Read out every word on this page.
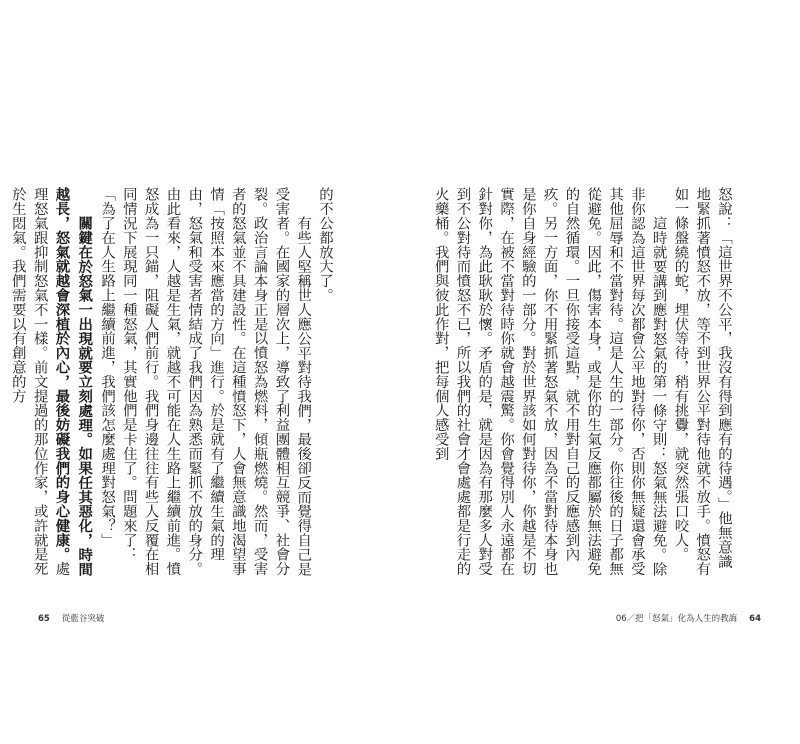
的不公都放大了。

有些人堅稱世人應公平對待我們，最後卻反而覺得自己是受害者。在國家的層次上，導致了利益團體相互競爭、社會分裂。政治言論本身正是以憤怒為燃料，傾瓶燃燒。然而，受害者的怒氣並不具建設性。在這種憤怒下，人會無意識地渴望事情「按照本來應當的方向」進行。於是就有了繼續生氣的理由，怒氣和受害者情結成了我們因為熟悉而緊抓不放的身分。由此看來，人越是生氣，就越不可能在人生路上繼續前進。憤怒成為一只錨，阻礙人們前行。我們身邊往往有些人反覆在相同情況下展現同一種怒氣，其實他們是卡住了。問題來了：「為了在人生路上繼續前進，我們該怎麼處理對怒氣？」

關鍵在於怒氣一出現就要立刻處理。如果任其惡化，時間越長，怒氣就越會深植於內心，最後妨礙我們的身心健康。處理怒氣跟抑制怒氣不一樣。前文提過的那位作家，或許就是死於生悶氣。我們需要以有創意的方	怒說：「這世界不公平，我沒有得到應有的待遇。」他無意識地緊抓著憤怒不放，等不到世界公平對待他就不放手。憤怒有如一條盤繞的蛇，埋伏等待，稍有挑釁，就突然張口咬人。

這時就要講到應對怒氣的第一條守則：怒氣無法避免。除非你認為這世界每次都會公平地對待你，否則你無疑還會承受其他屈辱和不當對待。這是人生的一部分。你往後的日子都無從避免。因此，傷害本身，或是你的生氣反應都屬於無法避免的自然循環。一旦你接受這點，就不用對自己的反應感到內疚。另一方面，你不用緊抓著怒氣不放，因為不當對待本身也是你自身經驗的一部分。對於世界該如何對待你，你越是不切實際，在被不當對待時你就會越震驚。你會覺得別人永遠都在針對你，為此耿耿於懷。矛盾的是，就是因為有那麼多人對受到不公對待而憤怒不已，所以我們的社會才會處處都是行走的火藥桶。我們與彼此作對，把每個人感受到

65 從藍谷突破	06／把「怒氣」化為人生的教誨 64
